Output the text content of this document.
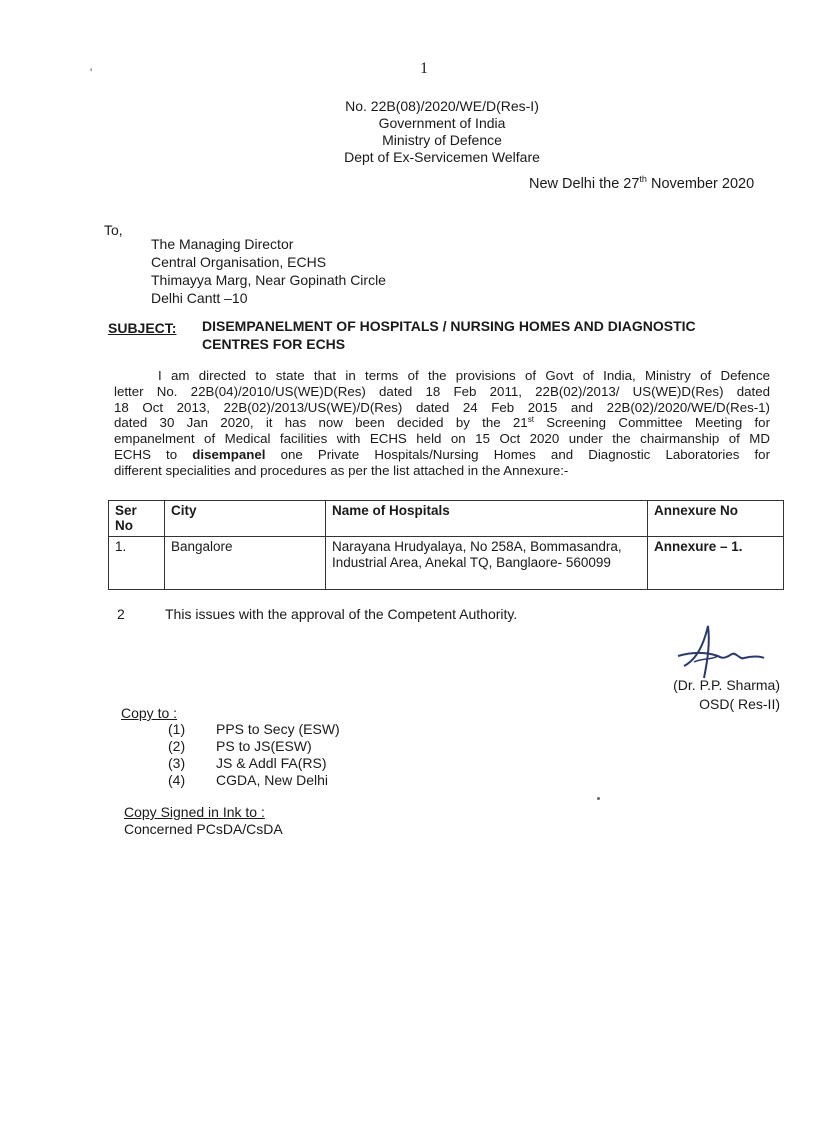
1
'
No. 22B(08)/2020/WE/D(Res-I)
Government of India
Ministry of Defence
Dept of Ex-Servicemen Welfare
New Delhi the 27th November 2020
To,
The Managing Director
Central Organisation, ECHS
Thimayya Marg, Near Gopinath Circle
Delhi Cantt –10
SUBJECT: DISEMPANELMENT OF HOSPITALS / NURSING HOMES AND DIAGNOSTIC
CENTRES FOR ECHS
I am directed to state that in terms of the provisions of Govt of India, Ministry of Defence
letter No. 22B(04)/2010/US(WE)D(Res) dated 18 Feb 2011, 22B(02)/2013/ US(WE)D(Res) dated
18 Oct 2013, 22B(02)/2013/US(WE)/D(Res) dated 24 Feb 2015 and 22B(02)/2020/WE/D(Res-1)
dated 30 Jan 2020, it has now been decided by the 21st Screening Committee Meeting for
empanelment of Medical facilities with ECHS held on 15 Oct 2020 under the chairmanship of MD
ECHS to disempanel one Private Hospitals/Nursing Homes and Diagnostic Laboratories for
different specialities and procedures as per the list attached in the Annexure:-
Ser
No	City	Name of Hospitals	Annexure No
1.	Bangalore	Narayana Hrudyalaya, No 258A, Bommasandra, Industrial Area, Anekal TQ, Banglaore- 560099	Annexure – 1.
2	This issues with the approval of the Competent Authority.
(Dr. P.P. Sharma)
OSD( Res-II)
Copy to :
(1) PPS to Secy (ESW)
(2) PS to JS(ESW)
(3) JS & Addl FA(RS)
(4) CGDA, New Delhi
Copy Signed in Ink to :
Concerned PCsDA/CsDA
